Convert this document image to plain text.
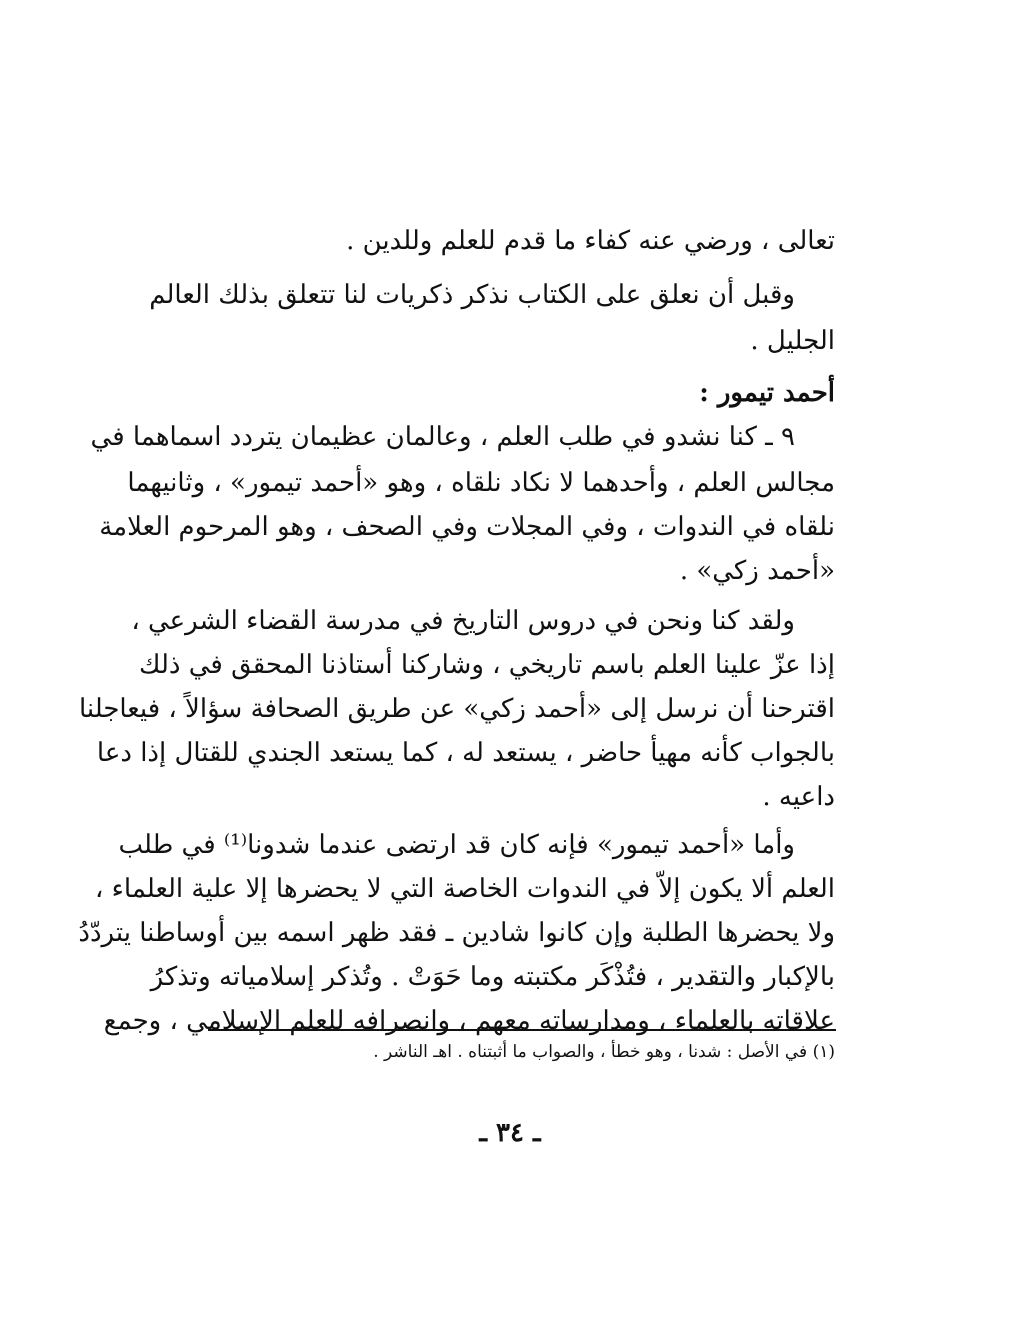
تعالى ، ورضي عنه كفاء ما قدم للعلم وللدين .
وقبل أن نعلق على الكتاب نذكر ذكريات لنا تتعلق بذلك العالم
الجليل .
أحمد تيمور :
٩ ـ كنا نشدو في طلب العلم ، وعالمان عظيمان يتردد اسماهما في
مجالس العلم ، وأحدهما لا نكاد نلقاه ، وهو «أحمد تيمور» ، وثانيهما
نلقاه في الندوات ، وفي المجلات وفي الصحف ، وهو المرحوم العلامة
«أحمد زكي» .
ولقد كنا ونحن في دروس التاريخ في مدرسة القضاء الشرعي ،
إذا عزّ علينا العلم باسم تاريخي ، وشاركنا أستاذنا المحقق في ذلك
اقترحنا أن نرسل إلى «أحمد زكي» عن طريق الصحافة سؤالاً ، فيعاجلنا
بالجواب كأنه مهيأ حاضر ، يستعد له ، كما يستعد الجندي للقتال إذا دعا
داعيه .
وأما «أحمد تيمور» فإنه كان قد ارتضى عندما شدونا⁽¹⁾ في طلب
العلم ألا يكون إلاّ في الندوات الخاصة التي لا يحضرها إلا علية العلماء ،
ولا يحضرها الطلبة وإن كانوا شادين ـ فقد ظهر اسمه بين أوساطنا يتردّدُ
بالإكبار والتقدير ، فتُذْكَر مكتبته وما حَوَتْ . وتُذكر إسلامياته وتذكرُ
علاقاته بالعلماء ، ومدارساته معهم ، وانصرافه للعلم الإسلامي ، وجمع
(١) في الأصل : شدنا ، وهو خطأ ، والصواب ما أثبتناه . اهـ الناشر .
ـ ٣٤ ـ
